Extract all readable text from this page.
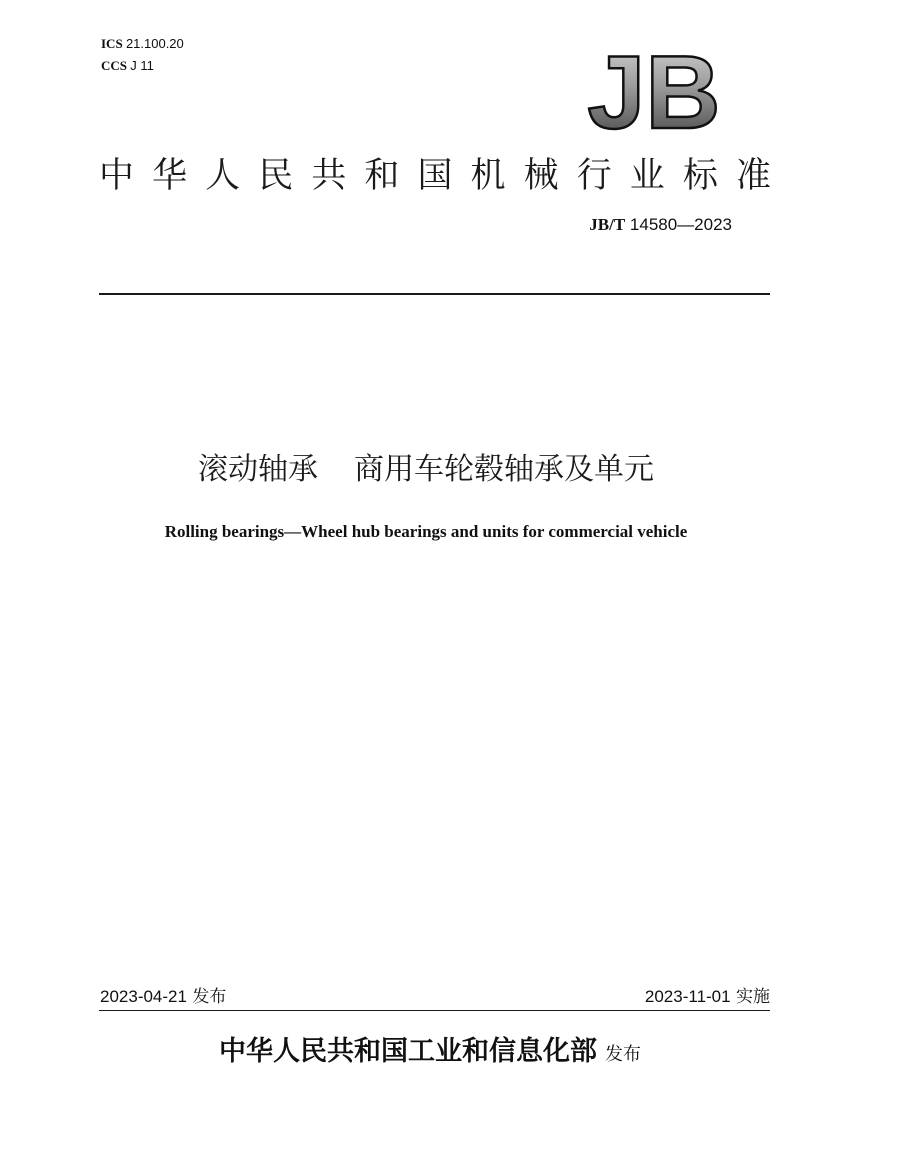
ICS 21.100.20
CCS J 11	JB
中 华 人 民 共 和 国 机 械 行 业 标 准
JB/T 14580—2023
滚动轴承 商用车轮毂轴承及单元
Rolling bearings—Wheel hub bearings and units for commercial vehicle
2023-04-21 发布	2023-11-01 实施
中华人民共和国工业和信息化部 发布
